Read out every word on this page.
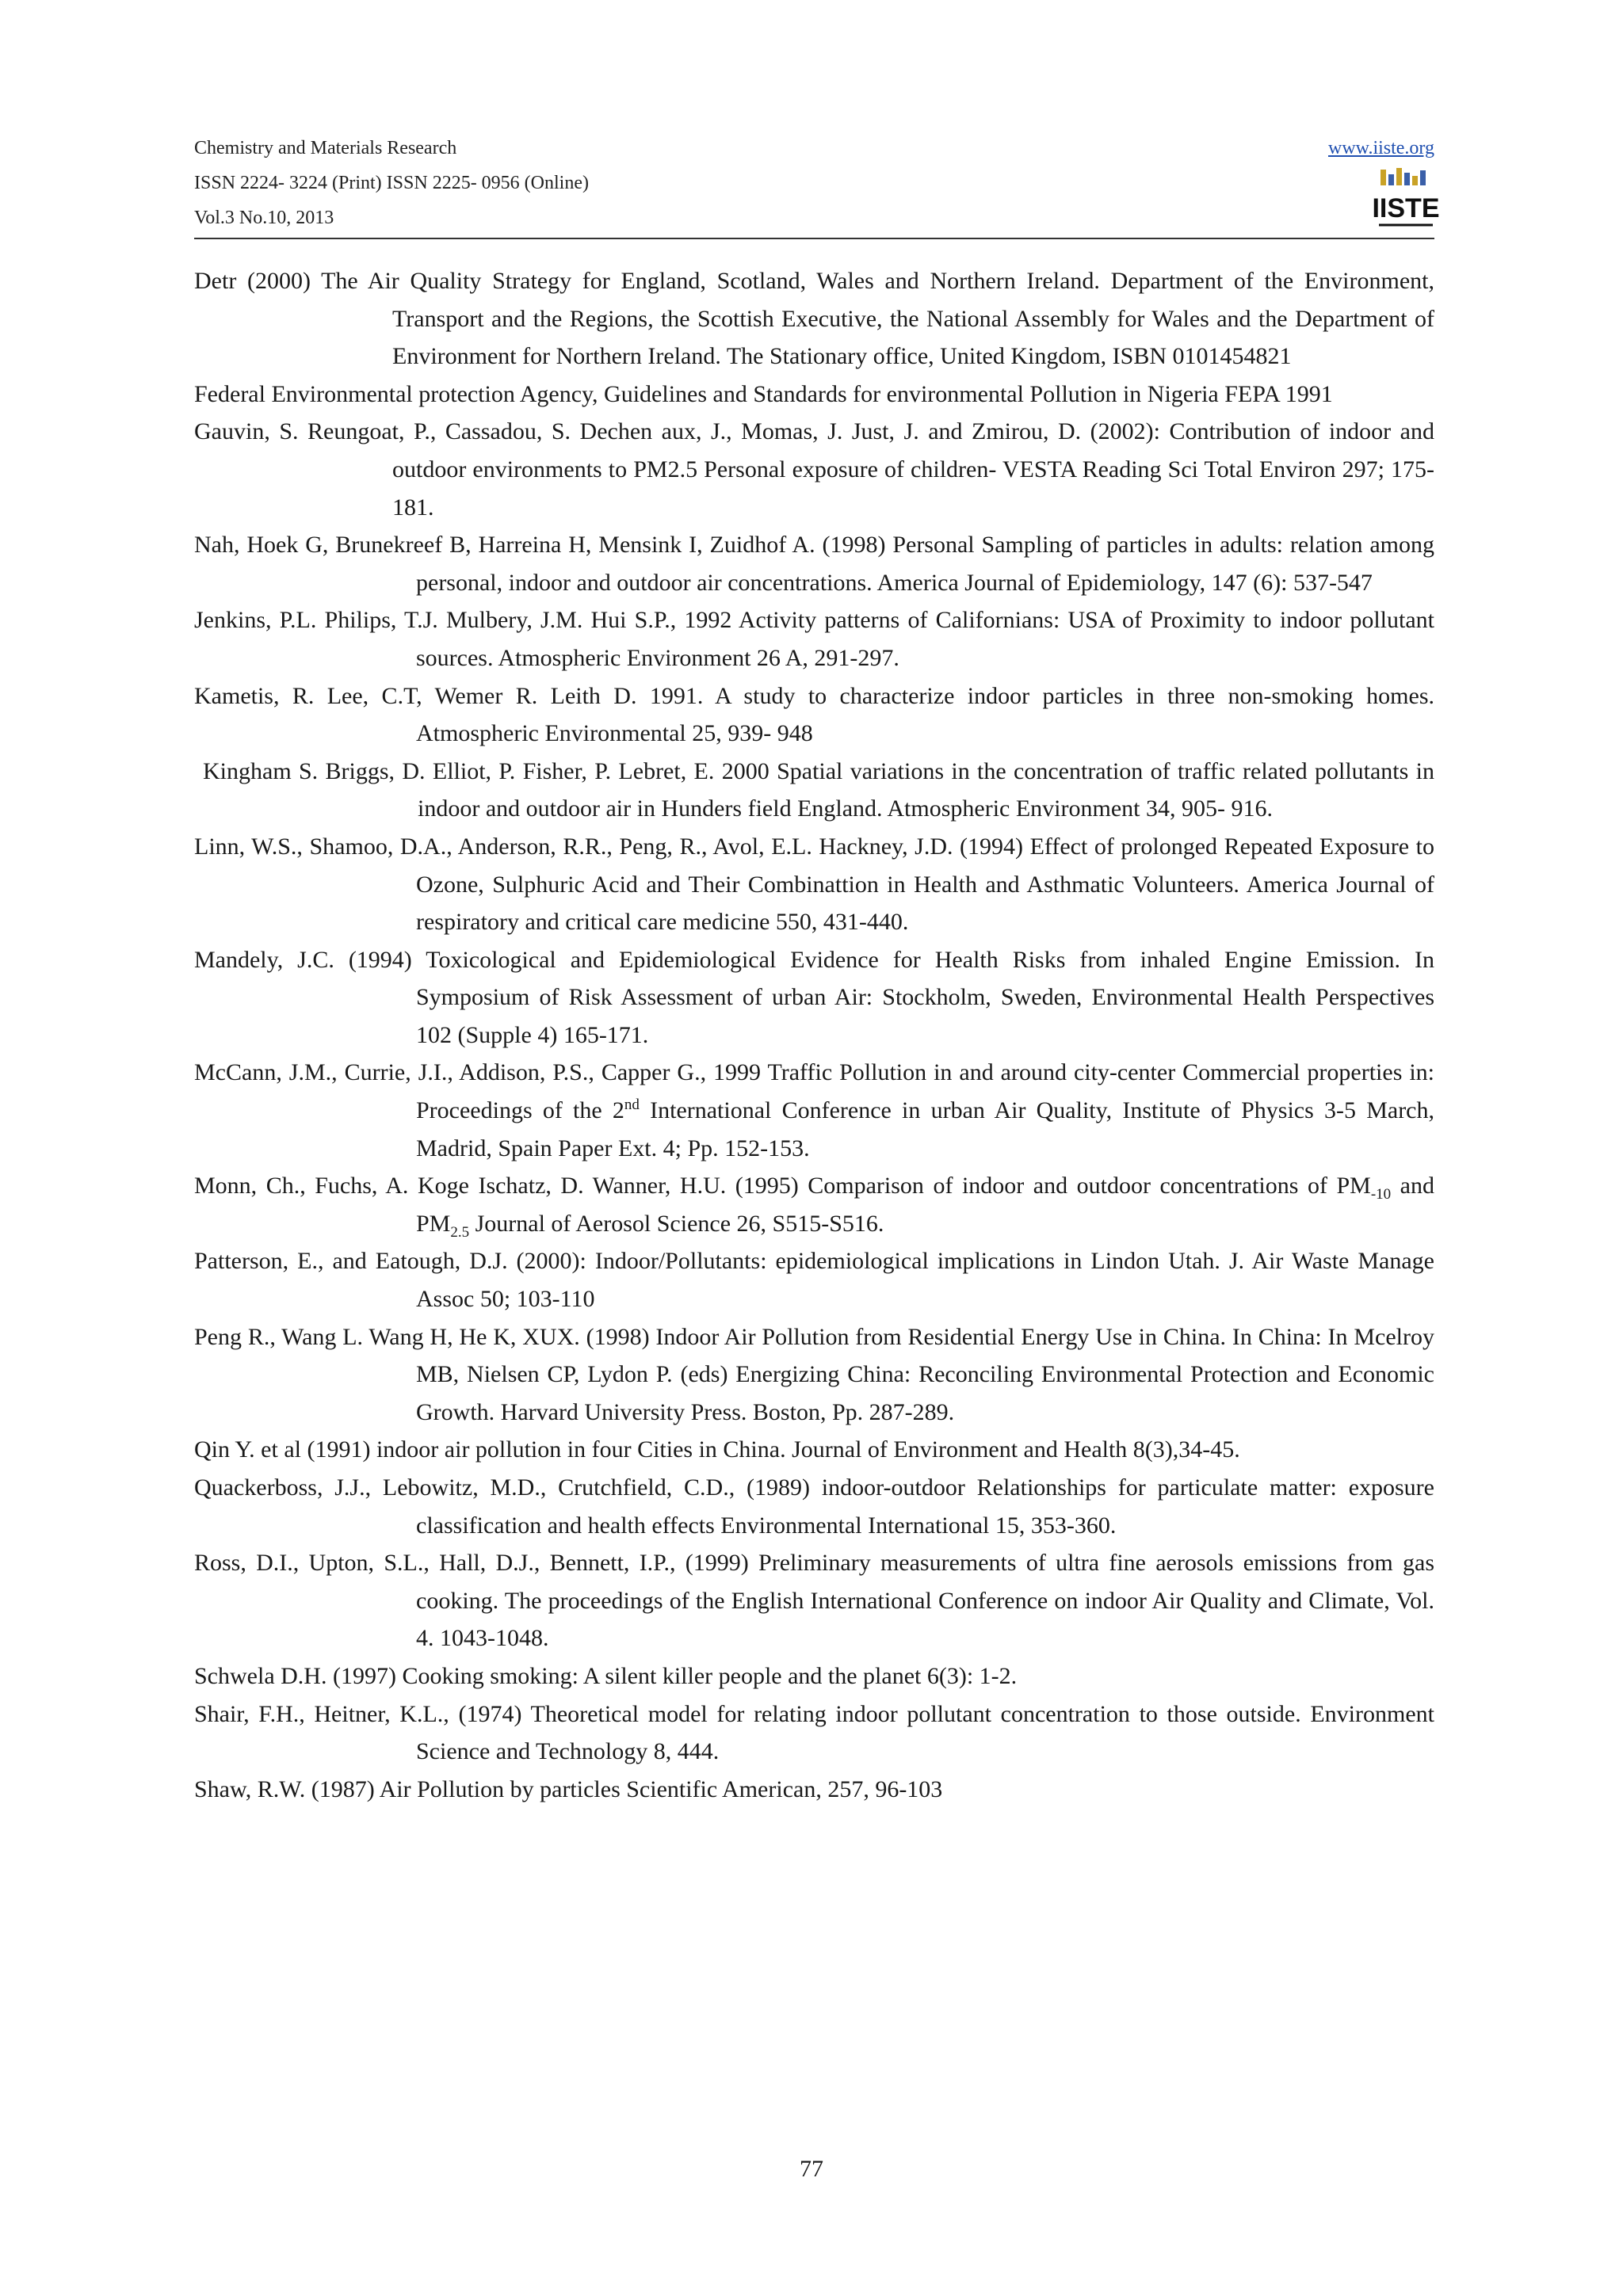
Chemistry and Materials Research
ISSN 2224- 3224 (Print) ISSN 2225- 0956 (Online)
Vol.3 No.10, 2013
www.iiste.org
IISTE

Detr (2000) The Air Quality Strategy for England, Scotland, Wales and Northern Ireland. Department of the Environment, Transport and the Regions, the Scottish Executive, the National Assembly for Wales and the Department of Environment for Northern Ireland. The Stationary office, United Kingdom, ISBN 0101454821

Federal Environmental protection Agency, Guidelines and Standards for environmental Pollution in Nigeria FEPA 1991

Gauvin, S. Reungoat, P., Cassadou, S. Dechen aux, J., Momas, J. Just, J. and Zmirou, D. (2002): Contribution of indoor and outdoor environments to PM2.5 Personal exposure of children- VESTA Reading Sci Total Environ 297; 175-181.

Nah, Hoek G, Brunekreef B, Harreina H, Mensink I, Zuidhof A. (1998) Personal Sampling of particles in adults: relation among personal, indoor and outdoor air concentrations. America Journal of Epidemiology, 147 (6): 537-547

Jenkins, P.L. Philips, T.J. Mulbery, J.M. Hui S.P., 1992 Activity patterns of Californians: USA of Proximity to indoor pollutant sources. Atmospheric Environment 26 A, 291-297.

Kametis, R. Lee, C.T, Wemer R. Leith D. 1991. A study to characterize indoor particles in three non-smoking homes. Atmospheric Environmental 25, 939- 948

Kingham S. Briggs, D. Elliot, P. Fisher, P. Lebret, E. 2000 Spatial variations in the concentration of traffic related pollutants in indoor and outdoor air in Hunders field England. Atmospheric Environment 34, 905- 916.

Linn, W.S., Shamoo, D.A., Anderson, R.R., Peng, R., Avol, E.L. Hackney, J.D. (1994) Effect of prolonged Repeated Exposure to Ozone, Sulphuric Acid and Their Combinattion in Health and Asthmatic Volunteers. America Journal of respiratory and critical care medicine 550, 431-440.

Mandely, J.C. (1994) Toxicological and Epidemiological Evidence for Health Risks from inhaled Engine Emission. In Symposium of Risk Assessment of urban Air: Stockholm, Sweden, Environmental Health Perspectives 102 (Supple 4) 165-171.

McCann, J.M., Currie, J.I., Addison, P.S., Capper G., 1999 Traffic Pollution in and around city-center Commercial properties in: Proceedings of the 2nd International Conference in urban Air Quality, Institute of Physics 3-5 March, Madrid, Spain Paper Ext. 4; Pp. 152-153.

Monn, Ch., Fuchs, A. Koge Ischatz, D. Wanner, H.U. (1995) Comparison of indoor and outdoor concentrations of $PM_{-10}$ and $PM_{2.5}$ Journal of Aerosol Science 26, S515-S516.

Patterson, E., and Eatough, D.J. (2000): Indoor/Pollutants: epidemiological implications in Lindon Utah. J. Air Waste Manage Assoc 50; 103-110

Peng R., Wang L. Wang H, He K, XUX. (1998) Indoor Air Pollution from Residential Energy Use in China. In China: In Mcelroy MB, Nielsen CP, Lydon P. (eds) Energizing China: Reconciling Environmental Protection and Economic Growth. Harvard University Press. Boston, Pp. 287-289.

Qin Y. et al (1991) indoor air pollution in four Cities in China. Journal of Environment and Health 8(3),34-45.

Quackerboss, J.J., Lebowitz, M.D., Crutchfield, C.D., (1989) indoor-outdoor Relationships for particulate matter: exposure classification and health effects Environmental International 15, 353-360.

Ross, D.I., Upton, S.L., Hall, D.J., Bennett, I.P., (1999) Preliminary measurements of ultra fine aerosols emissions from gas cooking. The proceedings of the English International Conference on indoor Air Quality and Climate, Vol. 4. 1043-1048.

Schwela D.H. (1997) Cooking smoking: A silent killer people and the planet 6(3): 1-2.

Shair, F.H., Heitner, K.L., (1974) Theoretical model for relating indoor pollutant concentration to those outside. Environment Science and Technology 8, 444.

Shaw, R.W. (1987) Air Pollution by particles Scientific American, 257, 96-103

77
